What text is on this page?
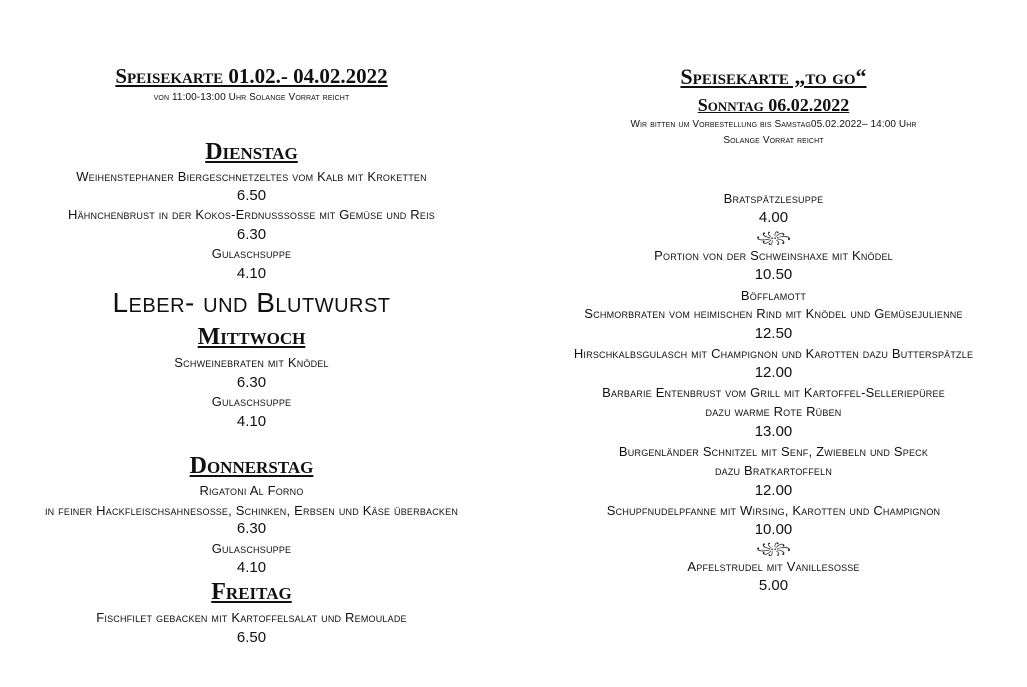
Speisekarte 01.02.- 04.02.2022
von 11:00-13:00 Uhr Solange Vorrat reicht
Dienstag
Weihenstephaner Biergeschnetzeltes vom Kalb mit Kroketten
6.50
Hähnchenbrust in der Kokos-Erdnusssoße mit Gemüse und Reis
6.30
Gulaschsuppe
4.10
Leber- und Blutwurst
Mittwoch
Schweinebraten mit Knödel
6.30
Gulaschsuppe
4.10
Donnerstag
Rigatoni Al Forno
in feiner Hackfleischsahnesoße, Schinken, Erbsen und Käse überbacken
6.30
Gulaschsuppe
4.10
Freitag
Fischfilet gebacken mit Kartoffelsalat und Remoulade
6.50
Speisekarte „to go“
Sonntag 06.02.2022
Wir bitten um Vorbestellung bis Samstag05.02.2022– 14:00 Uhr
Solange Vorrat reicht
Bratspätzlesuppe
4.00
꧁꧂
Portion von der Schweinshaxe mit Knödel
10.50
Böfflamott
Schmorbraten vom heimischen Rind mit Knödel und Gemüsejulienne
12.50
Hirschkalbsgulasch mit Champignon und Karotten dazu Butterspätzle
12.00
Barbarie Entenbrust vom Grill mit Kartoffel-Selleriepüree
dazu warme Rote Rüben
13.00
Burgenländer Schnitzel mit Senf, Zwiebeln und Speck
dazu Bratkartoffeln
12.00
Schupfnudelpfanne mit Wirsing, Karotten und Champignon
10.00
꧁꧂
Apfelstrudel mit Vanillesoße
5.00
